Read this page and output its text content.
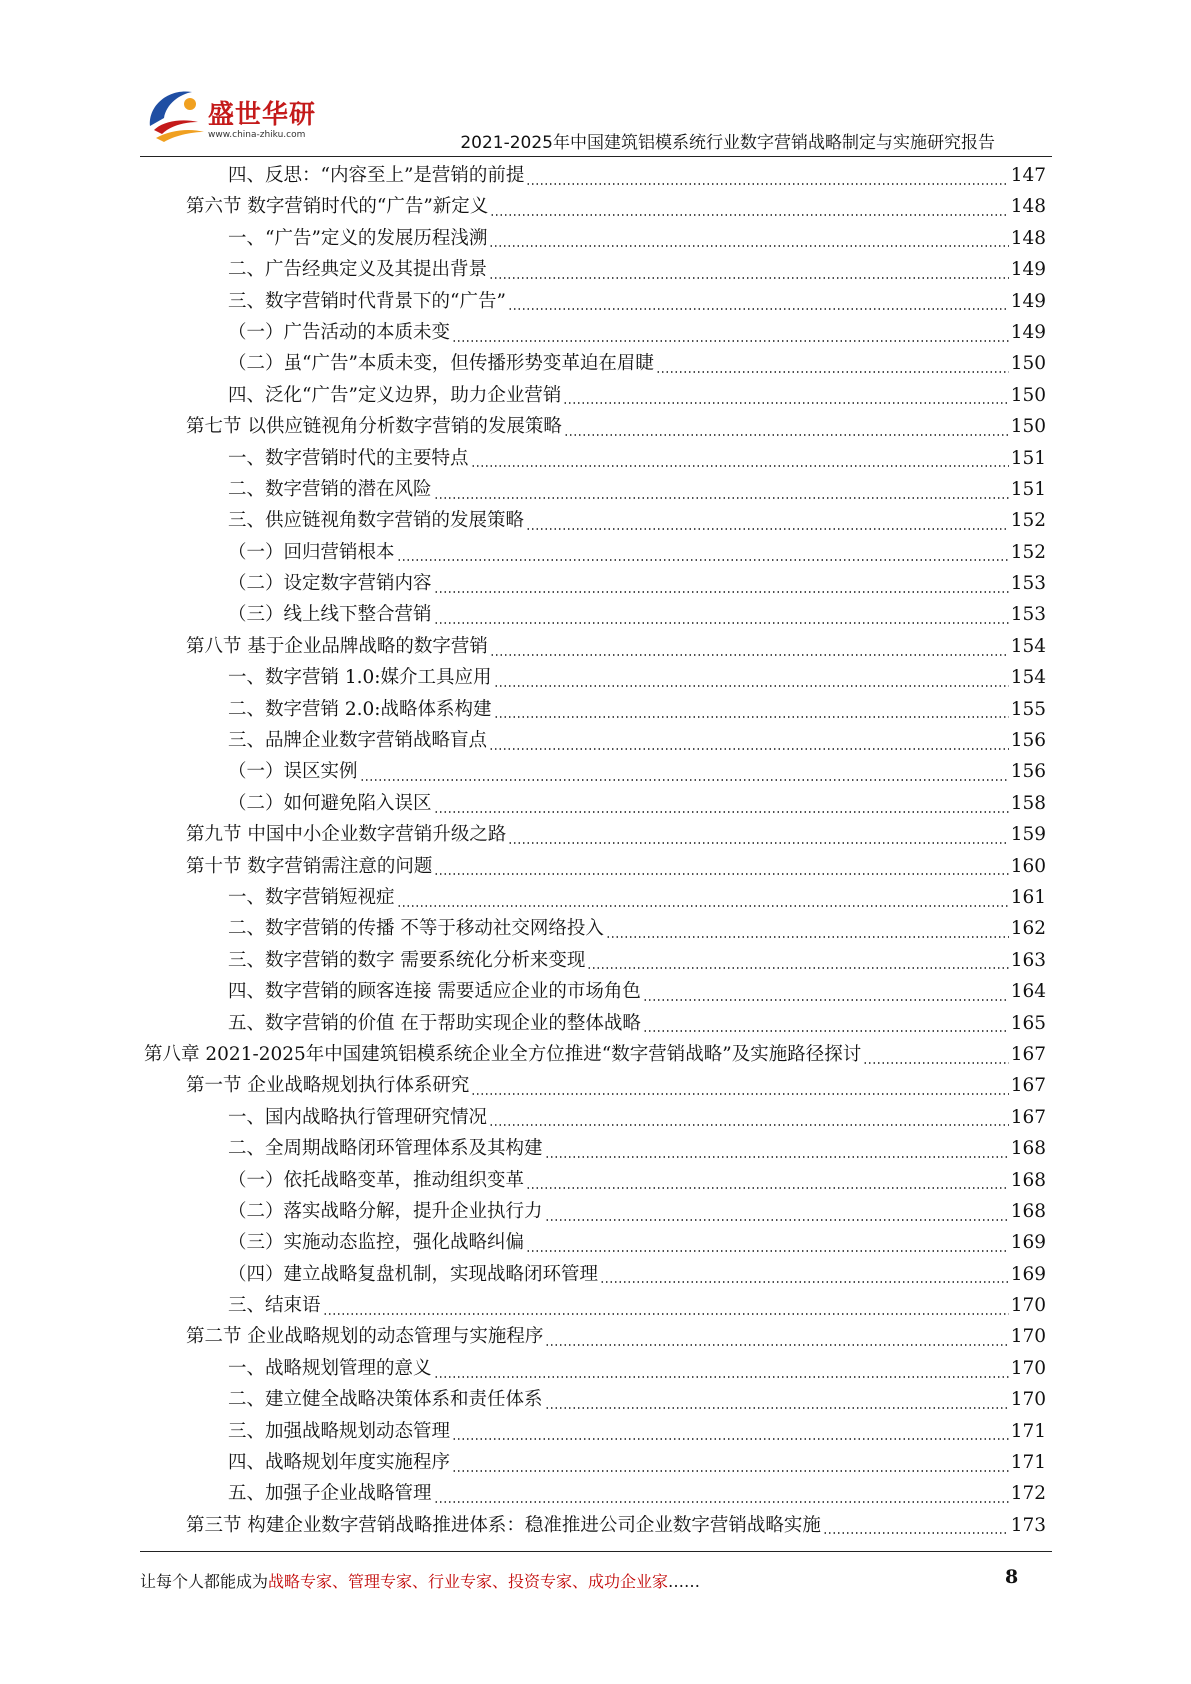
盛世华研
www.china-zhiku.com	2021-2025年中国建筑铝模系统行业数字营销战略制定与实施研究报告
四、反思：“内容至上”是营销的前提	147
第六节 数字营销时代的“广告”新定义	148
一、“广告”定义的发展历程浅溯	148
二、广告经典定义及其提出背景	149
三、数字营销时代背景下的“广告”	149
（一）广告活动的本质未变	149
（二）虽“广告”本质未变，但传播形势变革迫在眉睫	150
四、泛化“广告”定义边界，助力企业营销	150
第七节 以供应链视角分析数字营销的发展策略	150
一、数字营销时代的主要特点	151
二、数字营销的潜在风险	151
三、供应链视角数字营销的发展策略	152
（一）回归营销根本	152
（二）设定数字营销内容	153
（三）线上线下整合营销	153
第八节 基于企业品牌战略的数字营销	154
一、数字营销 1.0:媒介工具应用	154
二、数字营销 2.0:战略体系构建	155
三、品牌企业数字营销战略盲点	156
（一）误区实例	156
（二）如何避免陷入误区	158
第九节 中国中小企业数字营销升级之路	159
第十节 数字营销需注意的问题	160
一、数字营销短视症	161
二、数字营销的传播 不等于移动社交网络投入	162
三、数字营销的数字 需要系统化分析来变现	163
四、数字营销的顾客连接 需要适应企业的市场角色	164
五、数字营销的价值 在于帮助实现企业的整体战略	165
第八章 2021-2025年中国建筑铝模系统企业全方位推进“数字营销战略”及实施路径探讨	167
第一节 企业战略规划执行体系研究	167
一、国内战略执行管理研究情况	167
二、全周期战略闭环管理体系及其构建	168
（一）依托战略变革，推动组织变革	168
（二）落实战略分解，提升企业执行力	168
（三）实施动态监控，强化战略纠偏	169
（四）建立战略复盘机制，实现战略闭环管理	169
三、结束语	170
第二节 企业战略规划的动态管理与实施程序	170
一、战略规划管理的意义	170
二、建立健全战略决策体系和责任体系	170
三、加强战略规划动态管理	171
四、战略规划年度实施程序	171
五、加强子企业战略管理	172
第三节 构建企业数字营销战略推进体系：稳准推进公司企业数字营销战略实施	173
让每个人都能成为战略专家、管理专家、行业专家、投资专家、成功企业家……	8
